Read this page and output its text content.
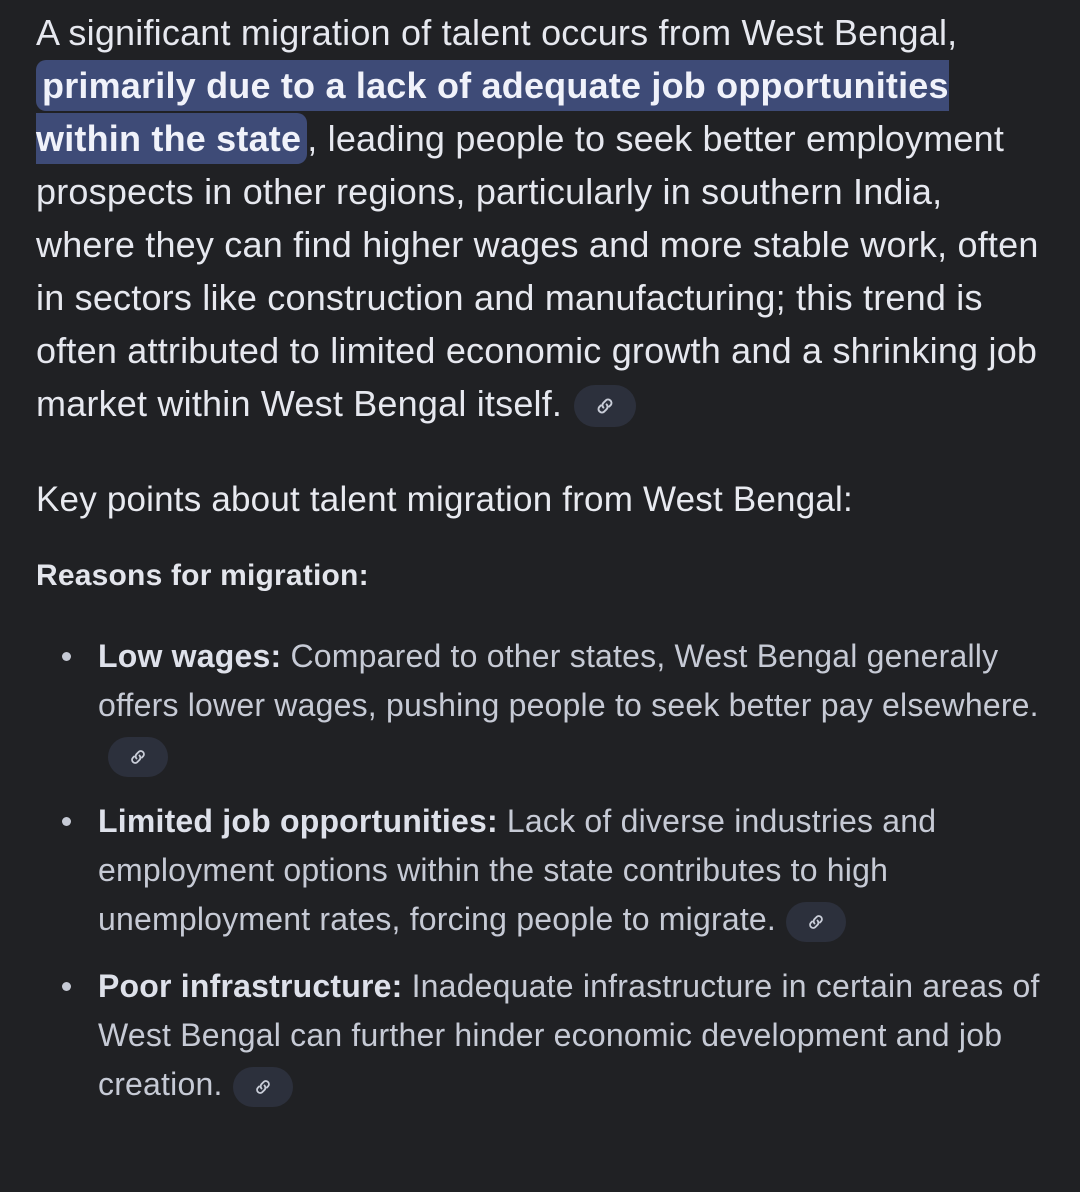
A significant migration of talent occurs from West Bengal, primarily due to a lack of adequate job opportunities within the state , leading people to seek better employment prospects in other regions, particularly in southern India, where they can find higher wages and more stable work, often in sectors like construction and manufacturing; this trend is often attributed to limited economic growth and a shrinking job market within West Bengal itself.

Key points about talent migration from West Bengal:
Reasons for migration:
Low wages: Compared to other states, West Bengal generally offers lower wages, pushing people to seek better pay elsewhere.
Limited job opportunities: Lack of diverse industries and employment options within the state contributes to high unemployment rates, forcing people to migrate.
Poor infrastructure: Inadequate infrastructure in certain areas of West Bengal can further hinder economic development and job creation.
